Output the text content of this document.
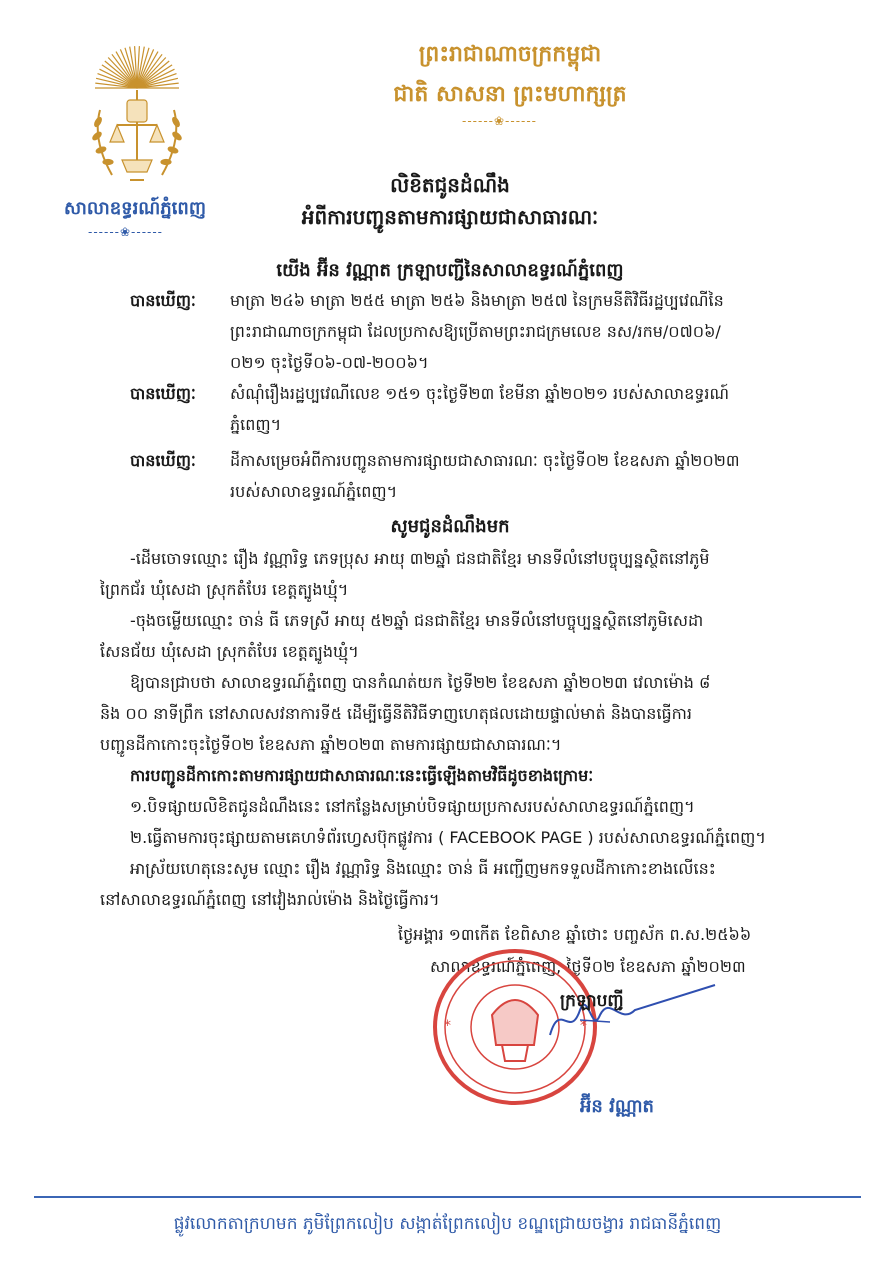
សាលាឧទ្ធរណ៍ភ្នំពេញ
------❀------
ព្រះរាជាណាចក្រកម្ពុជា
ជាតិ សាសនា ព្រះមហាក្សត្រ
------❀------
លិខិតជូនដំណឹង
អំពីការបញ្ជូនតាមការផ្សាយជាសាធារណៈ
យើង អ៊ីន វណ្ណាត ក្រឡាបញ្ជីនៃសាលាឧទ្ធរណ៍ភ្នំពេញ
បានឃើញៈ មាត្រា ២៤៦ មាត្រា ២៥៥ មាត្រា ២៥៦ និងមាត្រា ២៥៧ នៃក្រមនីតិវិធីរដ្ឋប្បវេណីនៃ
ព្រះរាជាណាចក្រកម្ពុជា ដែលប្រកាសឱ្យប្រើតាមព្រះរាជក្រមលេខ នស/រកម/០៧០៦/
០២១ ចុះថ្ងៃទី០៦-០៧-២០០៦។
បានឃើញៈ សំណុំរឿងរដ្ឋប្បវេណីលេខ ១៥១ ចុះថ្ងៃទី២៣ ខែមីនា ឆ្នាំ២០២១ របស់សាលាឧទ្ធរណ៍
ភ្នំពេញ។
បានឃើញៈ ដីកាសម្រេចអំពីការបញ្ជូនតាមការផ្សាយជាសាធារណៈ ចុះថ្ងៃទី០២ ខែឧសភា ឆ្នាំ២០២៣
របស់សាលាឧទ្ធរណ៍ភ្នំពេញ។
សូមជូនដំណឹងមក
-ដើមចោទឈ្មោះ រឿង វណ្ណារិទ្ធ ភេទប្រុស អាយុ ៣២ឆ្នាំ ជនជាតិខ្មែរ មានទីលំនៅបច្ចុប្បន្នស្ថិតនៅភូមិ
ព្រៃកជ័រ ឃុំសេដា ស្រុកតំបែរ ខេត្តត្បូងឃ្មុំ។
-ចុងចម្លើយឈ្មោះ ចាន់ ធី ភេទស្រី អាយុ ៥២ឆ្នាំ ជនជាតិខ្មែរ មានទីលំនៅបច្ចុប្បន្នស្ថិតនៅភូមិសេដា
សែនជ័យ ឃុំសេដា ស្រុកតំបែរ ខេត្តត្បូងឃ្មុំ។
ឱ្យបានជ្រាបថា សាលាឧទ្ធរណ៍ភ្នំពេញ បានកំណត់យក ថ្ងៃទី២២ ខែឧសភា ឆ្នាំ២០២៣ វេលាម៉ោង ៨
និង ០០ នាទីព្រឹក នៅសាលសវនាការទី៥ ដើម្បីធ្វើនីតិវិធីទាញហេតុផលដោយផ្ទាល់មាត់ និងបានធ្វើការ
បញ្ជូនដីកាកោះចុះថ្ងៃទី០២ ខែឧសភា ឆ្នាំ២០២៣ តាមការផ្សាយជាសាធារណៈ។
ការបញ្ជូនដីកាកោះតាមការផ្សាយជាសាធារណៈនេះធ្វើឡើងតាមវិធីដូចខាងក្រោមៈ
១.បិទផ្សាយលិខិតជូនដំណឹងនេះ នៅកន្លែងសម្រាប់បិទផ្សាយប្រកាសរបស់សាលាឧទ្ធរណ៍ភ្នំពេញ។
២.ធ្វើតាមការចុះផ្សាយតាមគេហទំព័រហ្វេសប៊ុកផ្លូវការ ( FACEBOOK PAGE ) របស់សាលាឧទ្ធរណ៍ភ្នំពេញ។
អាស្រ័យហេតុនេះសូម ឈ្មោះ រឿង វណ្ណារិទ្ធ និងឈ្មោះ ចាន់ ធី អញ្ជើញមកទទួលដីកាកោះខាងលើនេះ
នៅសាលាឧទ្ធរណ៍ភ្នំពេញ នៅវៀងរាល់ម៉ោង និងថ្ងៃធ្វើការ។
ថ្ងៃអង្គារ ១៣កើត ខែពិសាខ ឆ្នាំថោះ បញ្ចស័ក ព.ស.២៥៦៦
សាលាឧទ្ធរណ៍ភ្នំពេញ, ថ្ងៃទី០២ ខែឧសភា ឆ្នាំ២០២៣
*	*
ក្រឡាបញ្ជី
អ៊ីន វណ្ណាត
ផ្លូវលោកតាក្រហមក ភូមិព្រែកលៀប សង្កាត់ព្រែកលៀប ខណ្ឌជ្រោយចង្វារ រាជធានីភ្នំពេញ
